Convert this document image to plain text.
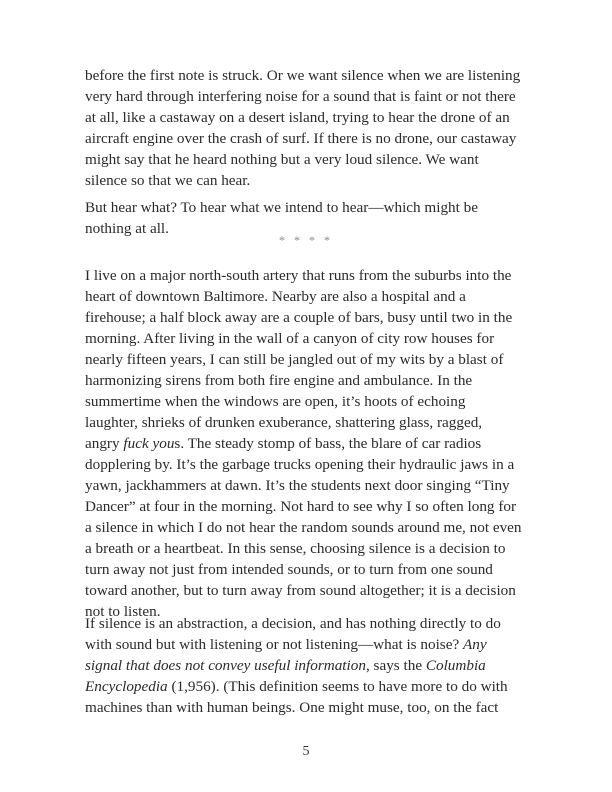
before the first note is struck. Or we want silence when we are listening
very hard through interfering noise for a sound that is faint or not there
at all, like a castaway on a desert island, trying to hear the drone of an
aircraft engine over the crash of surf. If there is no drone, our castaway
might say that he heard nothing but a very loud silence. We want
silence so that we can hear.
But hear what? To hear what we intend to hear—which might be
nothing at all.
* * * *
I live on a major north-south artery that runs from the suburbs into the
heart of downtown Baltimore. Nearby are also a hospital and a
firehouse; a half block away are a couple of bars, busy until two in the
morning. After living in the wall of a canyon of city row houses for
nearly fifteen years, I can still be jangled out of my wits by a blast of
harmonizing sirens from both fire engine and ambulance. In the
summertime when the windows are open, it’s hoots of echoing
laughter, shrieks of drunken exuberance, shattering glass, ragged,
angry fuck yous. The steady stomp of bass, the blare of car radios
dopplering by. It’s the garbage trucks opening their hydraulic jaws in a
yawn, jackhammers at dawn. It’s the students next door singing “Tiny
Dancer” at four in the morning. Not hard to see why I so often long for
a silence in which I do not hear the random sounds around me, not even
a breath or a heartbeat. In this sense, choosing silence is a decision to
turn away not just from intended sounds, or to turn from one sound
toward another, but to turn away from sound altogether; it is a decision
not to listen.
If silence is an abstraction, a decision, and has nothing directly to do
with sound but with listening or not listening—what is noise? Any
signal that does not convey useful information, says the Columbia
Encyclopedia (1,956). (This definition seems to have more to do with
machines than with human beings. One might muse, too, on the fact
5
